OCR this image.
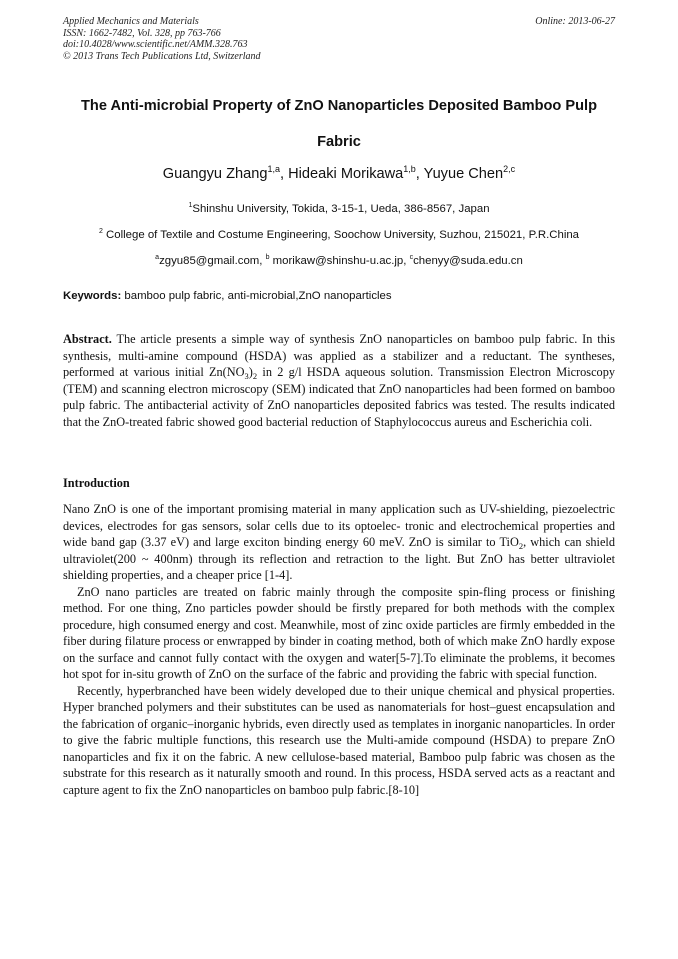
Applied Mechanics and Materials
ISSN: 1662-7482, Vol. 328, pp 763-766
doi:10.4028/www.scientific.net/AMM.328.763
© 2013 Trans Tech Publications Ltd, Switzerland
Online: 2013-06-27
The Anti-microbial Property of ZnO Nanoparticles Deposited Bamboo Pulp Fabric
Guangyu Zhang$^{1,a}$, Hideaki Morikawa$^{1,b}$, Yuyue Chen$^{2,c}$
$^1$Shinshu University, Tokida, 3-15-1, Ueda, 386-8567, Japan
$^2$ College of Textile and Costume Engineering, Soochow University, Suzhou, 215021, P.R.China
$^a$zgyu85@gmail.com, $^b$ morikaw@shinshu-u.ac.jp, $^c$chenyy@suda.edu.cn
Keywords: bamboo pulp fabric, anti-microbial,ZnO nanoparticles
Abstract. The article presents a simple way of synthesis ZnO nanoparticles on bamboo pulp fabric. In this synthesis, multi-amine compound (HSDA) was applied as a stabilizer and a reductant. The syntheses, performed at various initial $Zn(NO_3)_2$ in 2 g/l HSDA aqueous solution. Transmission Electron Microscopy (TEM) and scanning electron microscopy (SEM) indicated that ZnO nanoparticles had been formed on bamboo pulp fabric. The antibacterial activity of ZnO nanoparticles deposited fabrics was tested. The results indicated that the ZnO-treated fabric showed good bacterial reduction of Staphylococcus aureus and Escherichia coli.
Introduction

Nano ZnO is one of the important promising material in many application such as UV-shielding, piezoelectric devices, electrodes for gas sensors, solar cells due to its optoelec- tronic and electrochemical properties and wide band gap (3.37 eV) and large exciton binding energy 60 meV. ZnO is similar to TiO$_2$, which can shield ultraviolet(200 ~ 400nm) through its reflection and retraction to the light. But ZnO has better ultraviolet shielding properties, and a cheaper price [1-4].

ZnO nano particles are treated on fabric mainly through the composite spin-fling process or finishing method. For one thing, Zno particles powder should be firstly prepared for both methods with the complex procedure, high consumed energy and cost. Meanwhile, most of zinc oxide particles are firmly embedded in the fiber during filature process or enwrapped by binder in coating method, both of which make ZnO hardly expose on the surface and cannot fully contact with the oxygen and water[5-7].To eliminate the problems, it becomes hot spot for in-situ growth of ZnO on the surface of the fabric and providing the fabric with special function.

Recently, hyperbranched have been widely developed due to their unique chemical and physical properties. Hyper branched polymers and their substitutes can be used as nanomaterials for host–guest encapsulation and the fabrication of organic–inorganic hybrids, even directly used as templates in inorganic nanoparticles. In order to give the fabric multiple functions, this research use the Multi-amide compound (HSDA) to prepare ZnO nanoparticles and fix it on the fabric. A new cellulose-based material, Bamboo pulp fabric was chosen as the substrate for this research as it naturally smooth and round. In this process, HSDA served acts as a reactant and capture agent to fix the ZnO nanoparticles on bamboo pulp fabric.[8-10]
